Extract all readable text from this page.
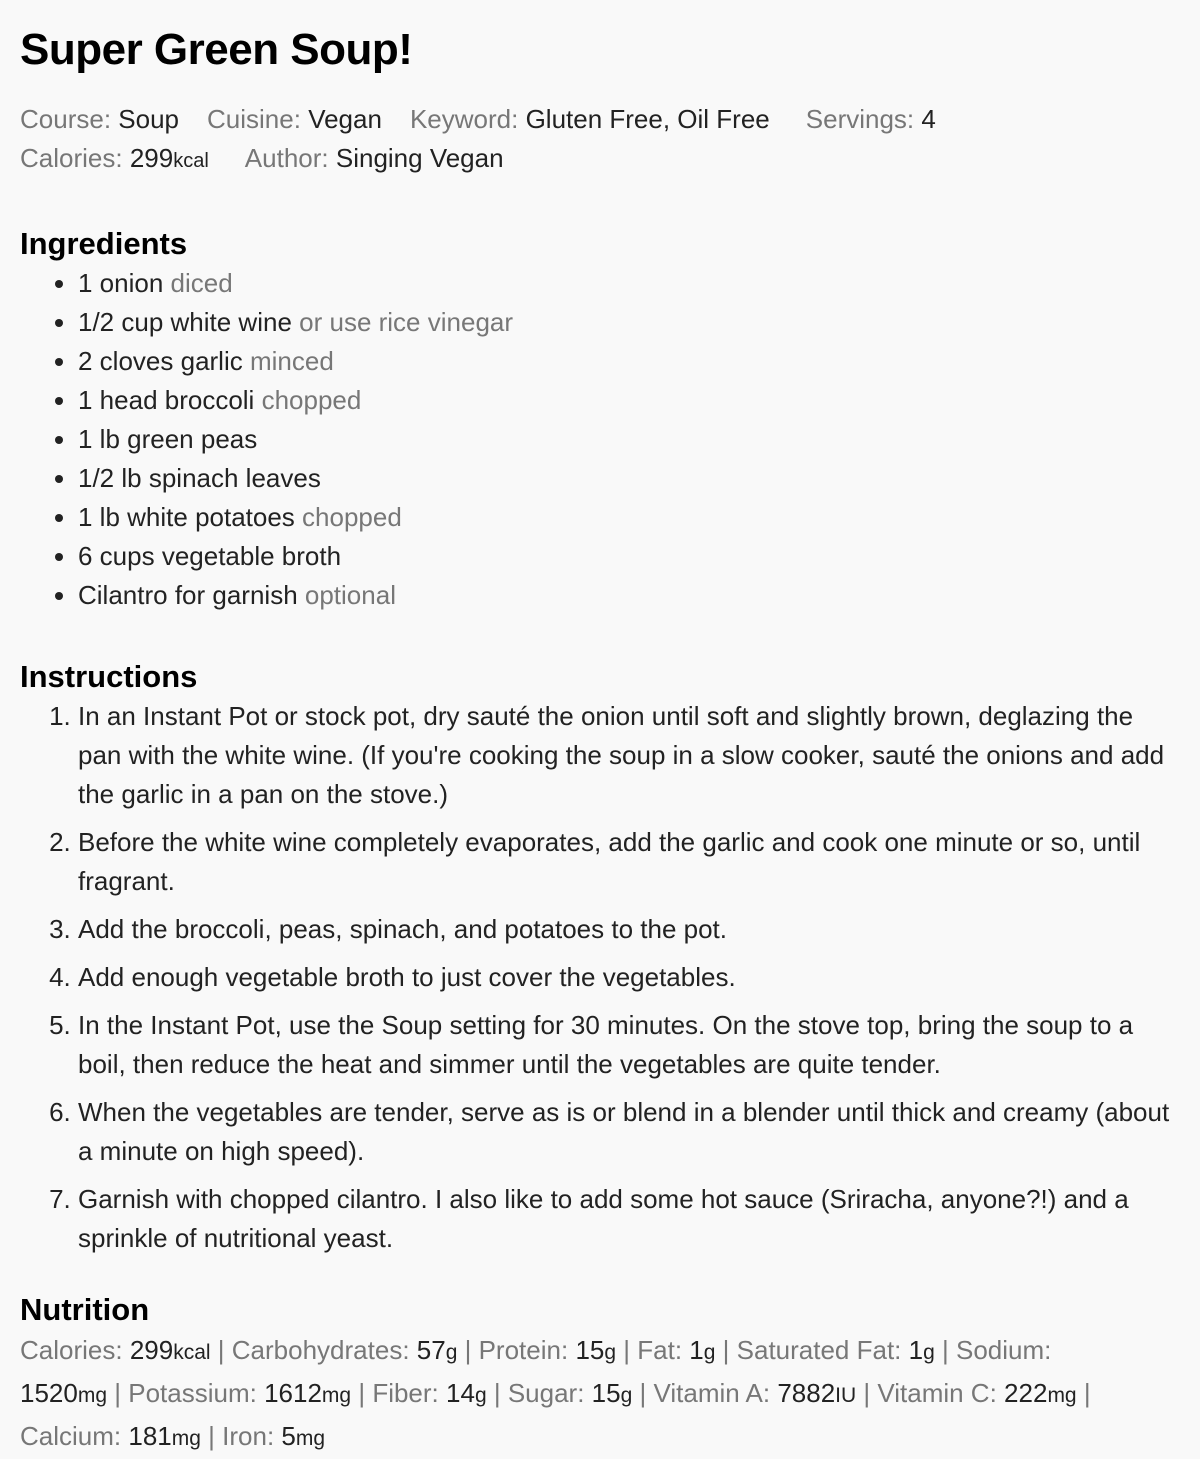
Super Green Soup!
Course: Soup Cuisine: Vegan Keyword: Gluten Free, Oil Free Servings: 4
Calories: 299kcal Author: Singing Vegan
Ingredients
• 1 onion diced
• 1/2 cup white wine or use rice vinegar
• 2 cloves garlic minced
• 1 head broccoli chopped
• 1 lb green peas
• 1/2 lb spinach leaves
• 1 lb white potatoes chopped
• 6 cups vegetable broth
• Cilantro for garnish optional
Instructions
1. In an Instant Pot or stock pot, dry sauté the onion until soft and slightly brown, deglazing the pan with the white wine. (If you're cooking the soup in a slow cooker, sauté the onions and add the garlic in a pan on the stove.)
2. Before the white wine completely evaporates, add the garlic and cook one minute or so, until fragrant.
3. Add the broccoli, peas, spinach, and potatoes to the pot.
4. Add enough vegetable broth to just cover the vegetables.
5. In the Instant Pot, use the Soup setting for 30 minutes. On the stove top, bring the soup to a boil, then reduce the heat and simmer until the vegetables are quite tender.
6. When the vegetables are tender, serve as is or blend in a blender until thick and creamy (about a minute on high speed).
7. Garnish with chopped cilantro. I also like to add some hot sauce (Sriracha, anyone?!) and a sprinkle of nutritional yeast.
Nutrition
Calories: 299kcal | Carbohydrates: 57g | Protein: 15g | Fat: 1g | Saturated Fat: 1g | Sodium: 1520mg | Potassium: 1612mg | Fiber: 14g | Sugar: 15g | Vitamin A: 7882IU | Vitamin C: 222mg | Calcium: 181mg | Iron: 5mg
